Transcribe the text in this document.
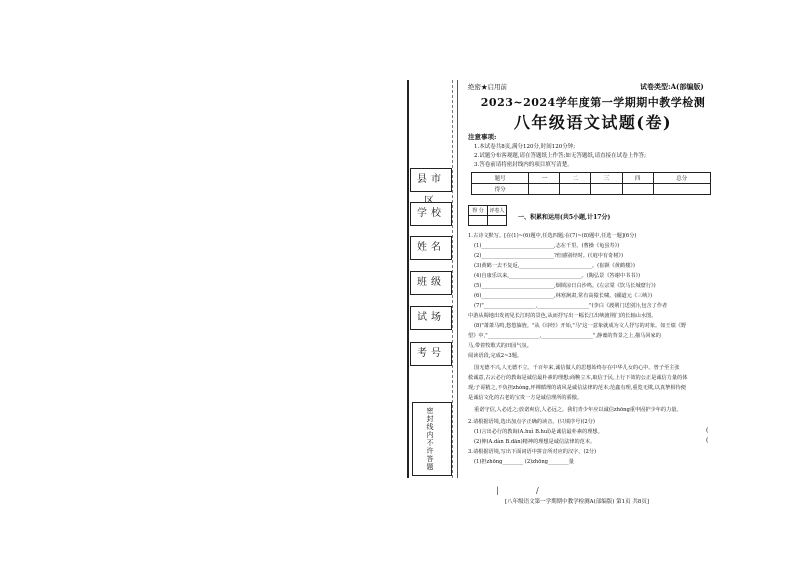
县市
学校
姓名
班级
试场
考号
密封线内不许答题
绝密★启用前	试卷类型:A(部编版)
2023~2024学年度第一学期期中教学检测
八年级语文试题(卷)
注意事项:
1.本试卷共8页,满分120分,时间120分钟;
2.试题分布客观题,请在答题纸上作答;如无答题纸,请直接在试卷上作答;
3.答卷前请将密封线内的项目填写清楚。
题号	一	二	三	四	总分
得分					
得 分	评卷人

一、积累和运用(共5小题,计17分)
1.古诗文默写。[在(1)~(6)题中,任选四题;在(7)~(8)题中,任选一题](6分)
(1)____________________________,志在千里。(曹操《龟虽寿》)
(2)____________________________?但感别经时。(《庭中有奇树》)
(3)黄鹤一去不复返,____________________________。(崔颢《黄鹤楼》)
(4)自康乐以来,____________________________。(陶弘景《答谢中书书》)
(5)____________________________,烟锁凉日白沙鸣。(左宗棠《饮马长城窟行》)
(6)____________________________,林寒涧肃,常有高猿长啸。(郦道元《三峡》)
(7)"____________________,____________________"(李白《渡荆门送别》),包含了作者
中游从蜀地出发初见长江时的景色,从而抒写出一幅长江出峡渡荆门的长轴山水图。
(8)"萧萧马鸣,悠悠旆旌。"从《诗经》开始,"马"这一意象就成为文人抒写的对象。如王绩《野
望》中,"____________________,____________________",静谧的背景之上,描马回家的
马,带着牧歌式的田园气氛。
阅读语段,完成2~3题。
国无德不兴,人无德不立。千百年来,诚信做人的思想始终存在中华儿女的心中。曾子至主张
救诚意,古云必行的教诲是诚信最朴素的理想;商鞅立木,取信于民,上行下效的公正是诚信力量的体
现;子哥精之,不负担zhòng,坪裸循理的请风是诚信法律的范本;范鑫有理,重览无欺,以真挚相待便
是诚信文化的古老的宝贵一方是诚信理所的骄傲。
重诺守信,人必近之;放诺爽信,人必远之。我们青少年应以诚信zhōng重申固护少年的力量。
2.请根据语境,选出加点字正确的读音。(只填序号)(2分)
(1)言出必行的教诲(A.huì B.huǐ)是诚信最朴素的理想。
(2)伸(A.dàn B.dān)精神的理想是诚信法律的范本。
3.请根据语境,写出下面词语中拼音所对应的汉字。(2分)
(1)担zhōng________ (2)zhōng________量
(
(
[八年级语文第一学期期中教学检测A(部编版) 第1页 共8页]
|	/
